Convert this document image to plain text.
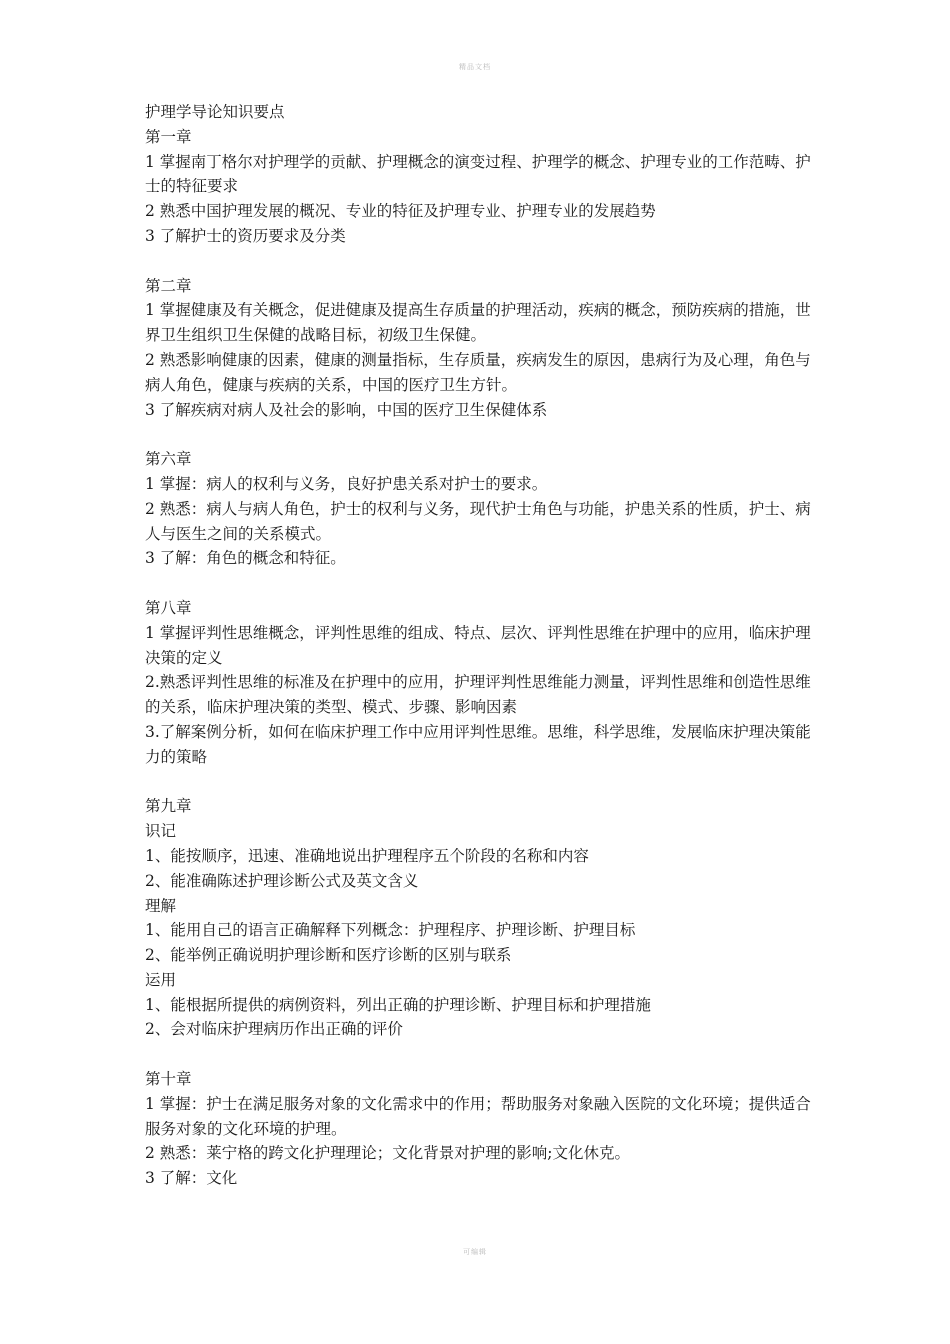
精品文档

护理学导论知识要点

第一章

1 掌握南丁格尔对护理学的贡献、护理概念的演变过程、护理学的概念、护理专业的工作范畴、护士的特征要求

2 熟悉中国护理发展的概况、专业的特征及护理专业、护理专业的发展趋势

3 了解护士的资历要求及分类

第二章

1 掌握健康及有关概念，促进健康及提高生存质量的护理活动，疾病的概念，预防疾病的措施，世界卫生组织卫生保健的战略目标，初级卫生保健。

2 熟悉影响健康的因素，健康的测量指标，生存质量，疾病发生的原因，患病行为及心理，角色与病人角色，健康与疾病的关系，中国的医疗卫生方针。

3 了解疾病对病人及社会的影响，中国的医疗卫生保健体系

第六章

1 掌握：病人的权利与义务，良好护患关系对护士的要求。

2 熟悉：病人与病人角色，护士的权利与义务，现代护士角色与功能，护患关系的性质，护士、病人与医生之间的关系模式。

3 了解：角色的概念和特征。

第八章

1 掌握评判性思维概念，评判性思维的组成、特点、层次、评判性思维在护理中的应用，临床护理决策的定义

2.熟悉评判性思维的标准及在护理中的应用，护理评判性思维能力测量，评判性思维和创造性思维的关系，临床护理决策的类型、模式、步骤、影响因素

3.了解案例分析，如何在临床护理工作中应用评判性思维。思维，科学思维，发展临床护理决策能力的策略

第九章

识记

1、能按顺序，迅速、准确地说出护理程序五个阶段的名称和内容

2、能准确陈述护理诊断公式及英文含义

理解

1、能用自己的语言正确解释下列概念：护理程序、护理诊断、护理目标

2、能举例正确说明护理诊断和医疗诊断的区别与联系

运用

1、能根据所提供的病例资料，列出正确的护理诊断、护理目标和护理措施

2、会对临床护理病历作出正确的评价

第十章

1 掌握：护士在满足服务对象的文化需求中的作用；帮助服务对象融入医院的文化环境；提供适合服务对象的文化环境的护理。

2 熟悉：莱宁格的跨文化护理理论；文化背景对护理的影响;文化休克。

3 了解：文化

可编辑
